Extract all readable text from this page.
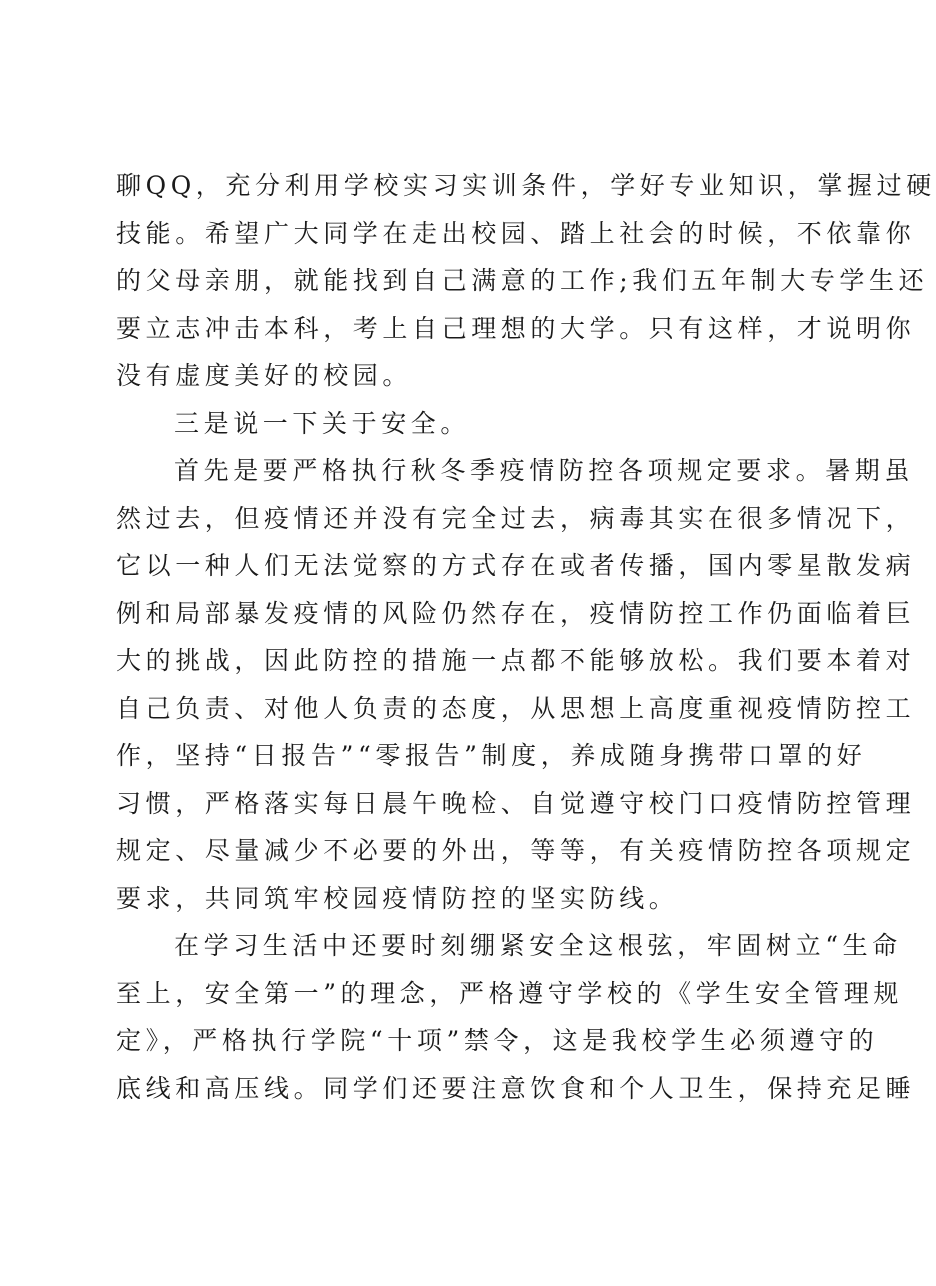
聊QQ，充分利用学校实习实训条件，学好专业知识，掌握过硬
技能。希望广大同学在走出校园、踏上社会的时候，不依靠你
的父母亲朋，就能找到自己满意的工作;我们五年制大专学生还
要立志冲击本科，考上自己理想的大学。只有这样，才说明你
没有虚度美好的校园。
三是说一下关于安全。
首先是要严格执行秋冬季疫情防控各项规定要求。暑期虽
然过去，但疫情还并没有完全过去，病毒其实在很多情况下，
它以一种人们无法觉察的方式存在或者传播，国内零星散发病
例和局部暴发疫情的风险仍然存在，疫情防控工作仍面临着巨
大的挑战，因此防控的措施一点都不能够放松。我们要本着对
自己负责、对他人负责的态度，从思想上高度重视疫情防控工
作，坚持“日报告”“零报告”制度，养成随身携带口罩的好
习惯，严格落实每日晨午晚检、自觉遵守校门口疫情防控管理
规定、尽量减少不必要的外出，等等，有关疫情防控各项规定
要求，共同筑牢校园疫情防控的坚实防线。
在学习生活中还要时刻绷紧安全这根弦，牢固树立“生命
至上，安全第一”的理念，严格遵守学校的《学生安全管理规
定》，严格执行学院“十项”禁令，这是我校学生必须遵守的
底线和高压线。同学们还要注意饮食和个人卫生，保持充足睡
